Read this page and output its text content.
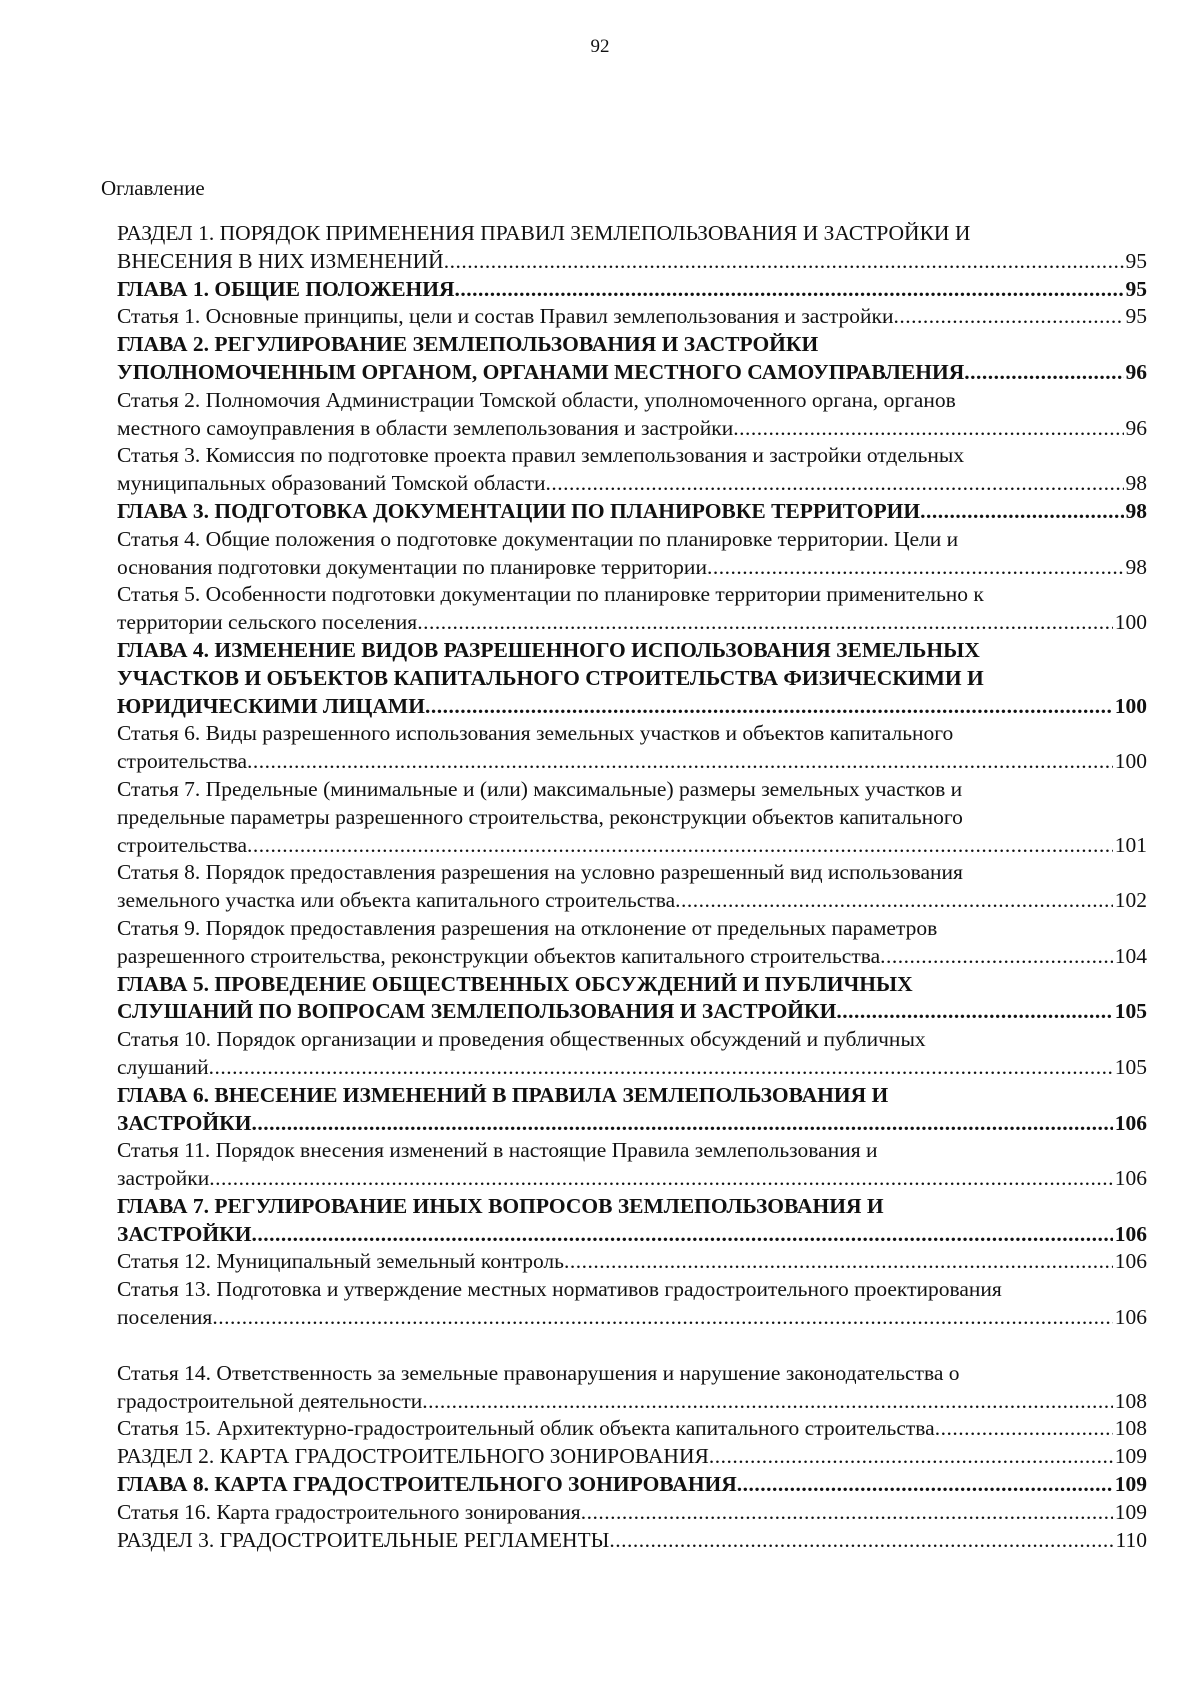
92
Оглавление
РАЗДЕЛ 1. ПОРЯДОК ПРИМЕНЕНИЯ ПРАВИЛ ЗЕМЛЕПОЛЬЗОВАНИЯ И ЗАСТРОЙКИ И
ВНЕСЕНИЯ В НИХ ИЗМЕНЕНИЙ .....	95
ГЛАВА 1. ОБЩИЕ ПОЛОЖЕНИЯ .....	95
Статья 1. Основные принципы, цели и состав Правил землепользования и застройки .....	95
ГЛАВА 2. РЕГУЛИРОВАНИЕ ЗЕМЛЕПОЛЬЗОВАНИЯ И ЗАСТРОЙКИ
УПОЛНОМОЧЕННЫМ ОРГАНОМ, ОРГАНАМИ МЕСТНОГО САМОУПРАВЛЕНИЯ .....	96
Статья 2. Полномочия Администрации Томской области, уполномоченного органа, органов
местного самоуправления в области землепользования и застройки .....	96
Статья 3. Комиссия по подготовке проекта правил землепользования и застройки отдельных
муниципальных образований Томской области .....	98
ГЛАВА 3. ПОДГОТОВКА ДОКУМЕНТАЦИИ ПО ПЛАНИРОВКЕ ТЕРРИТОРИИ .....	98
Статья 4. Общие положения о подготовке документации по планировке территории. Цели и
основания подготовки документации по планировке территории .....	98
Статья 5. Особенности подготовки документации по планировке территории применительно к
территории сельского поселения .....	100
ГЛАВА 4. ИЗМЕНЕНИЕ ВИДОВ РАЗРЕШЕННОГО ИСПОЛЬЗОВАНИЯ ЗЕМЕЛЬНЫХ
УЧАСТКОВ И ОБЪЕКТОВ КАПИТАЛЬНОГО СТРОИТЕЛЬСТВА ФИЗИЧЕСКИМИ И
ЮРИДИЧЕСКИМИ ЛИЦАМИ .....	100
Статья 6. Виды разрешенного использования земельных участков и объектов капитального
строительства .....	100
Статья 7. Предельные (минимальные и (или) максимальные) размеры земельных участков и
предельные параметры разрешенного строительства, реконструкции объектов капитального
строительства .....	101
Статья 8. Порядок предоставления разрешения на условно разрешенный вид использования
земельного участка или объекта капитального строительства .....	102
Статья 9. Порядок предоставления разрешения на отклонение от предельных параметров
разрешенного строительства, реконструкции объектов капитального строительства .....	104
ГЛАВА 5. ПРОВЕДЕНИЕ ОБЩЕСТВЕННЫХ ОБСУЖДЕНИЙ И ПУБЛИЧНЫХ
СЛУШАНИЙ ПО ВОПРОСАМ ЗЕМЛЕПОЛЬЗОВАНИЯ И ЗАСТРОЙКИ .....	105
Статья 10. Порядок организации и проведения общественных обсуждений и публичных
слушаний .....	105
ГЛАВА 6. ВНЕСЕНИЕ ИЗМЕНЕНИЙ В ПРАВИЛА ЗЕМЛЕПОЛЬЗОВАНИЯ И
ЗАСТРОЙКИ .....	106
Статья 11. Порядок внесения изменений в настоящие Правила землепользования и
застройки .....	106
ГЛАВА 7. РЕГУЛИРОВАНИЕ ИНЫХ ВОПРОСОВ ЗЕМЛЕПОЛЬЗОВАНИЯ И
ЗАСТРОЙКИ .....	106
Статья 12. Муниципальный земельный контроль .....	106
Статья 13. Подготовка и утверждение местных нормативов градостроительного проектирования
поселения .....	106
Статья 14. Ответственность за земельные правонарушения и нарушение законодательства о
градостроительной деятельности .....	108
Статья 15. Архитектурно-градостроительный облик объекта капитального строительства .....	108
РАЗДЕЛ 2. КАРТА ГРАДОСТРОИТЕЛЬНОГО ЗОНИРОВАНИЯ .....	109
ГЛАВА 8. КАРТА ГРАДОСТРОИТЕЛЬНОГО ЗОНИРОВАНИЯ .....	109
Статья 16. Карта градостроительного зонирования .....	109
РАЗДЕЛ 3. ГРАДОСТРОИТЕЛЬНЫЕ РЕГЛАМЕНТЫ .....	110
